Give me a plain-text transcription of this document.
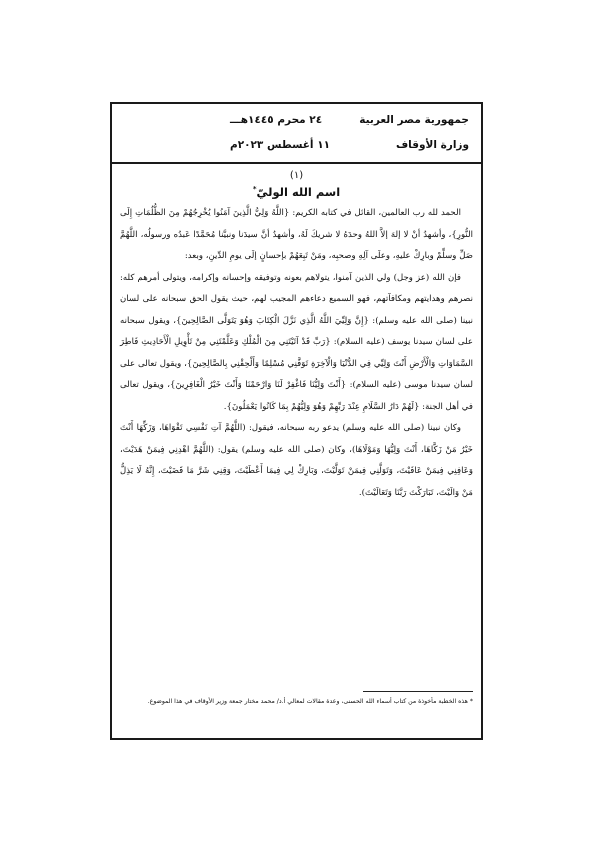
جمهورية مصر العربية
وزارة الأوقاف
٢٤ محرم ١٤٤٥هـــ
١١ أغسطس ٢٠٢٣م
(١)
اسم الله الوليّ*

الحمد لله رب العالمين، القائل في كتابه الكريم: {اللَّهُ وَلِيُّ الَّذِينَ آمَنُوا يُخْرِجُهُمْ مِنَ الظُّلُمَاتِ إِلَى النُّورِ}، وأشهدُ أنْ لا إلهَ إلاَّ اللهُ وحدَهُ لا شريكَ لَهُ، وأشهدُ أنَّ سيدَنا ونبيَّنا مُحَمَّدًا عَبدُه ورسولُه، اللَّهُمَّ صَلِّ وسلِّمْ وبارِكْ عليهِ، وعلَى آلِهِ وصحبِه، ومَنْ تَبِعَهُمْ بإحسانٍ إلَى يومِ الدِّينِ، وبعد:

فإن الله (عز وجل) ولي الذين آمنوا، يتولاهم بعونه وتوفيقه وإحسانه وإكرامه، ويتولى أمرهم كله: نصرهم وهدايتهم ومكافآتهم، فهو السميع دعاءهم المجيب لهم، حيث يقول الحق سبحانه على لسان نبينا (صلى الله عليه وسلم): {إِنَّ وَلِيِّيَ اللَّهُ الَّذِي نَزَّلَ الْكِتَابَ وَهُوَ يَتَوَلَّى الصَّالِحِينَ}، ويقول سبحانه على لسان سيدنا يوسف (عليه السلام): {رَبِّ قَدْ آتَيْتَنِي مِنَ الْمُلْكِ وَعَلَّمْتَنِي مِنْ تَأْوِيلِ الْأَحَادِيثِ فَاطِرَ السَّمَاوَاتِ وَالْأَرْضِ أَنْتَ وَلِيِّي فِي الدُّنْيَا وَالْآخِرَةِ تَوَفَّنِي مُسْلِمًا وَأَلْحِقْنِي بِالصَّالِحِينَ}، ويقول تعالى على لسان سيدنا موسى (عليه السلام): {أَنْتَ وَلِيُّنَا فَاغْفِرْ لَنَا وَارْحَمْنَا وَأَنْتَ خَيْرُ الْغَافِرِينَ}، ويقول تعالى في أهل الجنة: {لَهُمْ دَارُ السَّلَامِ عِنْدَ رَبِّهِمْ وَهُوَ وَلِيُّهُمْ بِمَا كَانُوا يَعْمَلُونَ}.

وكان نبينا (صلى الله عليه وسلم) يدعو ربه سبحانه، فيقول: (اللَّهُمَّ آتِ نَفْسِي تَقْوَاهَا، وَزَكِّهَا أَنْتَ خَيْرُ مَنْ زَكَّاهَا، أَنْتَ وَلِيُّهَا وَمَوْلَاهَا)، وكان (صلى الله عليه وسلم) يقول: (اللَّهُمَّ اهْدِنِي فِيمَنْ هَدَيْتَ، وَعَافِنِي فِيمَنْ عَافَيْتَ، وَتَوَلَّنِي فِيمَنْ تَوَلَّيْتَ، وَبَارِكْ لِي فِيمَا أَعْطَيْتَ، وَقِنِي شَرَّ مَا قَضَيْتَ، إِنَّهُ لَا يَذِلُّ مَنْ وَالَيْتَ، تَبَارَكْتَ رَبَّنَا وَتَعَالَيْتَ).

* هذه الخطبة مأخوذة من كتاب أسماء الله الحسنى، وعدة مقالات لمعالي أ.د/ محمد مختار جمعة وزير الأوقاف في هذا الموضوع.
